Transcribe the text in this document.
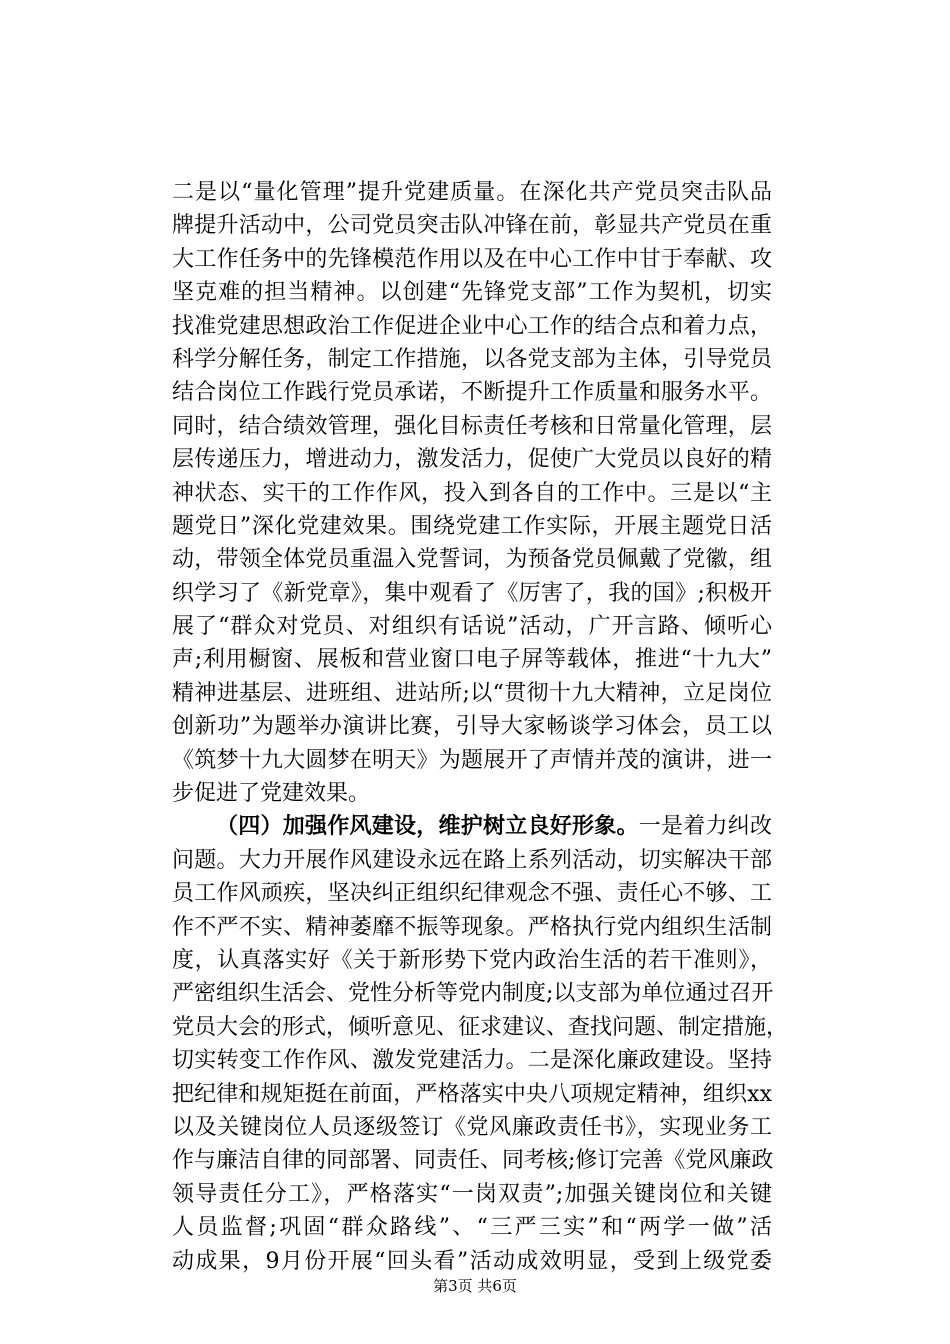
二是以“量化管理”提升党建质量。在深化共产党员突击队品
牌提升活动中，公司党员突击队冲锋在前，彰显共产党员在重
大工作任务中的先锋模范作用以及在中心工作中甘于奉献、攻
坚克难的担当精神。以创建“先锋党支部”工作为契机，切实
找准党建思想政治工作促进企业中心工作的结合点和着力点，
科学分解任务，制定工作措施，以各党支部为主体，引导党员
结合岗位工作践行党员承诺，不断提升工作质量和服务水平。
同时，结合绩效管理，强化目标责任考核和日常量化管理，层
层传递压力，增进动力，激发活力，促使广大党员以良好的精
神状态、实干的工作作风，投入到各自的工作中。三是以“主
题党日”深化党建效果。围绕党建工作实际，开展主题党日活
动，带领全体党员重温入党誓词，为预备党员佩戴了党徽，组
织学习了《新党章》，集中观看了《厉害了，我的国》;积极开
展了“群众对党员、对组织有话说”活动，广开言路、倾听心
声;利用橱窗、展板和营业窗口电子屏等载体，推进“十九大”
精神进基层、进班组、进站所;以“贯彻十九大精神，立足岗位
创新功”为题举办演讲比赛，引导大家畅谈学习体会，员工以
《筑梦十九大圆梦在明天》为题展开了声情并茂的演讲，进一
步促进了党建效果。
（四）加强作风建设，维护树立良好形象。一是着力纠改
问题。大力开展作风建设永远在路上系列活动，切实解决干部
员工作风顽疾，坚决纠正组织纪律观念不强、责任心不够、工
作不严不实、精神萎靡不振等现象。严格执行党内组织生活制
度，认真落实好《关于新形势下党内政治生活的若干准则》，
严密组织生活会、党性分析等党内制度;以支部为单位通过召开
党员大会的形式，倾听意见、征求建议、查找问题、制定措施，
切实转变工作作风、激发党建活力。二是深化廉政建设。坚持
把纪律和规矩挺在前面，严格落实中央八项规定精神，组织xx
以及关键岗位人员逐级签订《党风廉政责任书》，实现业务工
作与廉洁自律的同部署、同责任、同考核;修订完善《党风廉政
领导责任分工》，严格落实“一岗双责”;加强关键岗位和关键
人员监督;巩固“群众路线”、“三严三实”和“两学一做”活
动成果，9月份开展“回头看”活动成效明显，受到上级党委
第3页 共6页
